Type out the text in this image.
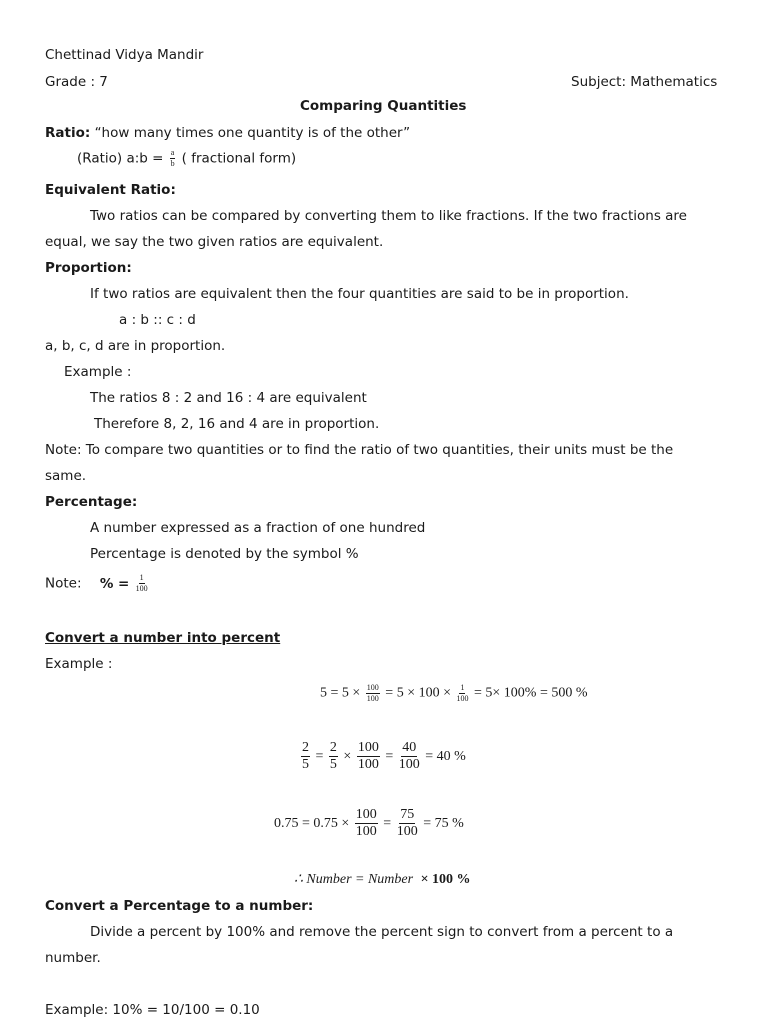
Chettinad Vidya Mandir
Grade : 7	Subject: Mathematics
Comparing Quantities
Ratio: “how many times one quantity is of the other”
(Ratio) a:b = $\frac{a}{b}$ ( fractional form)
Equivalent Ratio:
Two ratios can be compared by converting them to like fractions. If the two fractions are
equal, we say the two given ratios are equivalent.
Proportion:
If two ratios are equivalent then the four quantities are said to be in proportion.
a : b :: c : d
a, b, c, d are in proportion.
Example :
The ratios 8 : 2 and 16 : 4 are equivalent
Therefore 8, 2, 16 and 4 are in proportion.
Note: To compare two quantities or to find the ratio of two quantities, their units must be the
same.
Percentage:
A number expressed as a fraction of one hundred
Percentage is denoted by the symbol %
Note: % = $\frac{1}{100}$
Convert a number into percent
Example :
$5 = 5 \times \frac{100}{100} = 5 \times 100 \times \frac{1}{100} = 5\times 100\% = 500$ %
$\frac{2}{5} = \frac{2}{5} \times \frac{100}{100} = \frac{40}{100} = 40$ %
$0.75 = 0.75 \times \frac{100}{100} = \frac{75}{100} = 75$ %
∴ Number = Number × 100 %
Convert a Percentage to a number:
Divide a percent by 100% and remove the percent sign to convert from a percent to a
number.
Example: 10% = 10/100 = 0.10
